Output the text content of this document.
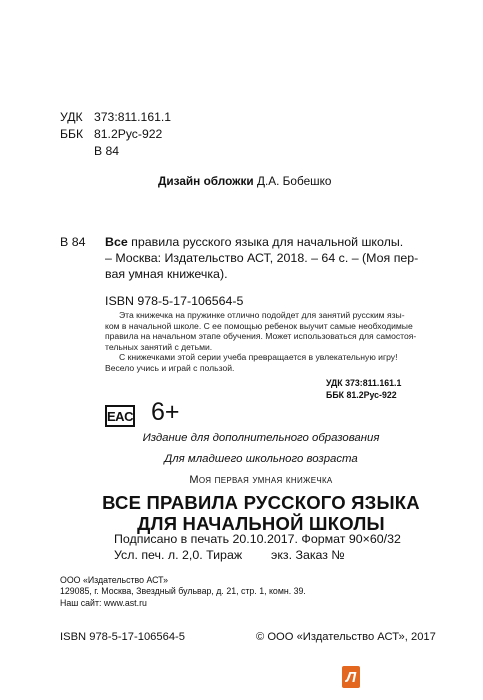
УДК 373:811.161.1
ББК 81.2Рус-922
В 84
Дизайн обложки Д.А. Бобешко
В 84 Все правила русского языка для начальной школы.
– Москва: Издательство АСТ, 2018. – 64 с. – (Моя пер-
вая умная книжечка).
ISBN 978-5-17-106564-5

Эта книжечка на пружинке отлично подойдет для занятий русским язы-
ком в начальной школе. С ее помощью ребенок выучит самые необходимые
правила на начальном этапе обучения. Может использоваться для самостоя-
тельных занятий с детьми.

С книжечками этой серии учеба превращается в увлекательную игру!
Весело учись и играй с пользой.

УДК 373:811.161.1
ББК 81.2Рус-922
EAC 6+
Издание для дополнительного образования
Для младшего школьного возраста
Моя первая умная книжечка
ВСЕ ПРАВИЛА РУССКОГО ЯЗЫКА
ДЛЯ НАЧАЛЬНОЙ ШКОЛЫ
Подписано в печать 20.10.2017. Формат 90×60/32
Усл. печ. л. 2,0. Тираж экз. Заказ №
ООО «Издательство АСТ»
129085, г. Москва, Звездный бульвар, д. 21, стр. 1, комн. 39.
Наш сайт: www.ast.ru
ISBN 978-5-17-106564-5	© ООО «Издательство АСТ», 2017
Л
